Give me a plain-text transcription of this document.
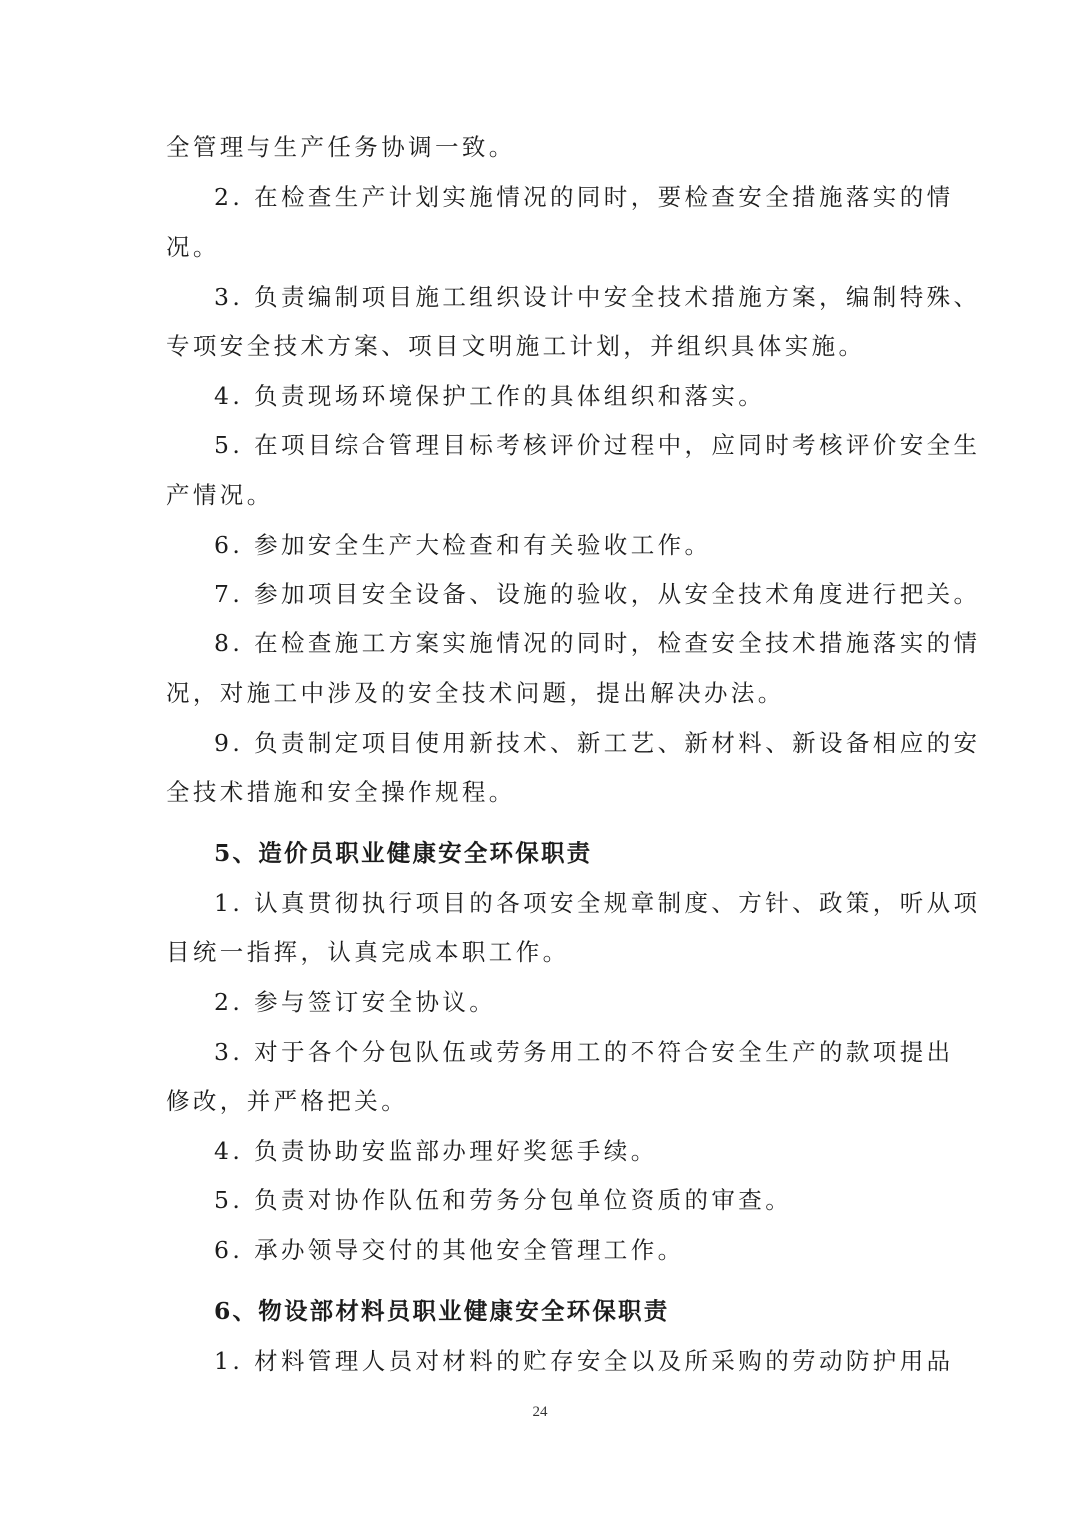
全管理与生产任务协调一致。
2. 在检查生产计划实施情况的同时，要检查安全措施落实的情
况。
3. 负责编制项目施工组织设计中安全技术措施方案，编制特殊、
专项安全技术方案、项目文明施工计划，并组织具体实施。
4. 负责现场环境保护工作的具体组织和落实。
5. 在项目综合管理目标考核评价过程中，应同时考核评价安全生
产情况。
6. 参加安全生产大检查和有关验收工作。
7. 参加项目安全设备、设施的验收，从安全技术角度进行把关。
8. 在检查施工方案实施情况的同时，检查安全技术措施落实的情
况，对施工中涉及的安全技术问题，提出解决办法。
9. 负责制定项目使用新技术、新工艺、新材料、新设备相应的安
全技术措施和安全操作规程。
5、造价员职业健康安全环保职责
1. 认真贯彻执行项目的各项安全规章制度、方针、政策，听从项
目统一指挥，认真完成本职工作。
2. 参与签订安全协议。
3. 对于各个分包队伍或劳务用工的不符合安全生产的款项提出
修改，并严格把关。
4. 负责协助安监部办理好奖惩手续。
5. 负责对协作队伍和劳务分包单位资质的审查。
6. 承办领导交付的其他安全管理工作。
6、物设部材料员职业健康安全环保职责
1. 材料管理人员对材料的贮存安全以及所采购的劳动防护用品
24
